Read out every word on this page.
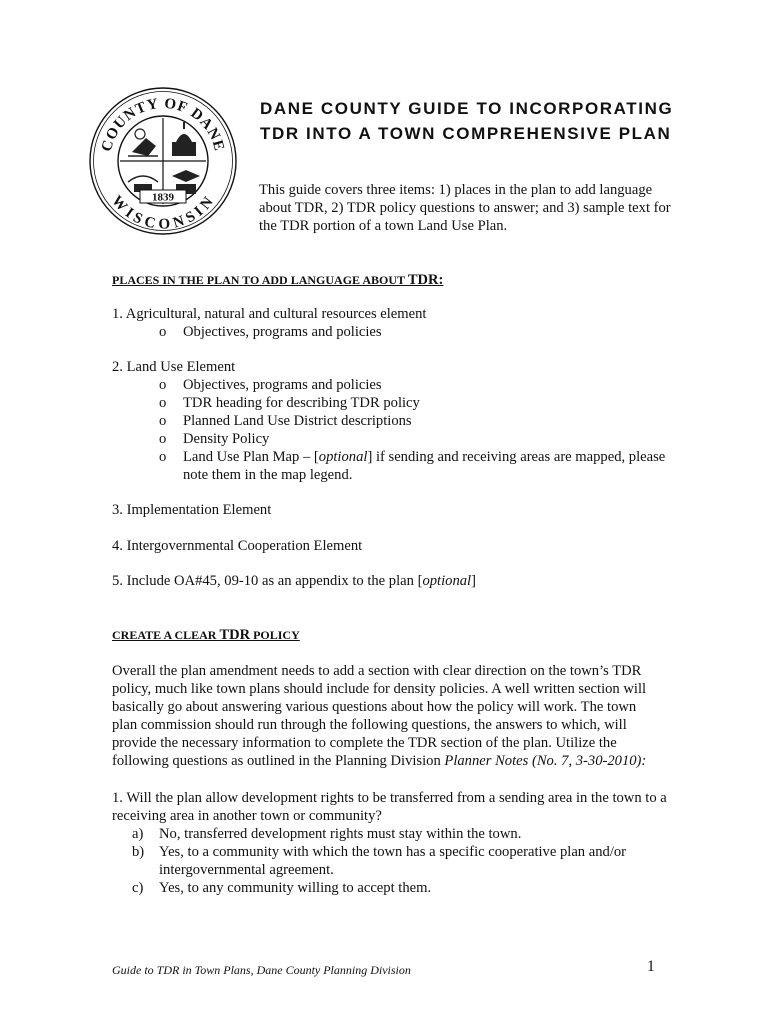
COUNTY OF DANE
WISCONSIN
1839
DANE COUNTY GUIDE TO INCORPORATING
TDR INTO A TOWN COMPREHENSIVE PLAN
This guide covers three items: 1) places in the plan to add language about TDR, 2) TDR policy questions to answer; and 3) sample text for the TDR portion of a town Land Use Plan.
PLACES IN THE PLAN TO ADD LANGUAGE ABOUT TDR:
1. Agricultural, natural and cultural resources element
o Objectives, programs and policies
2. Land Use Element
o Objectives, programs and policies
o TDR heading for describing TDR policy
o Planned Land Use District descriptions
o Density Policy
o Land Use Plan Map – [optional] if sending and receiving areas are mapped, please note them in the map legend.
3. Implementation Element
4. Intergovernmental Cooperation Element
5. Include OA#45, 09-10 as an appendix to the plan [optional]
CREATE A CLEAR TDR POLICY
Overall the plan amendment needs to add a section with clear direction on the town’s TDR policy, much like town plans should include for density policies. A well written section will basically go about answering various questions about how the policy will work. The town plan commission should run through the following questions, the answers to which, will provide the necessary information to complete the TDR section of the plan. Utilize the following questions as outlined in the Planning Division Planner Notes (No. 7, 3-30-2010):
1. Will the plan allow development rights to be transferred from a sending area in the town to a receiving area in another town or community?
a) No, transferred development rights must stay within the town.
b) Yes, to a community with which the town has a specific cooperative plan and/or intergovernmental agreement.
c) Yes, to any community willing to accept them.
Guide to TDR in Town Plans, Dane County Planning Division	1
